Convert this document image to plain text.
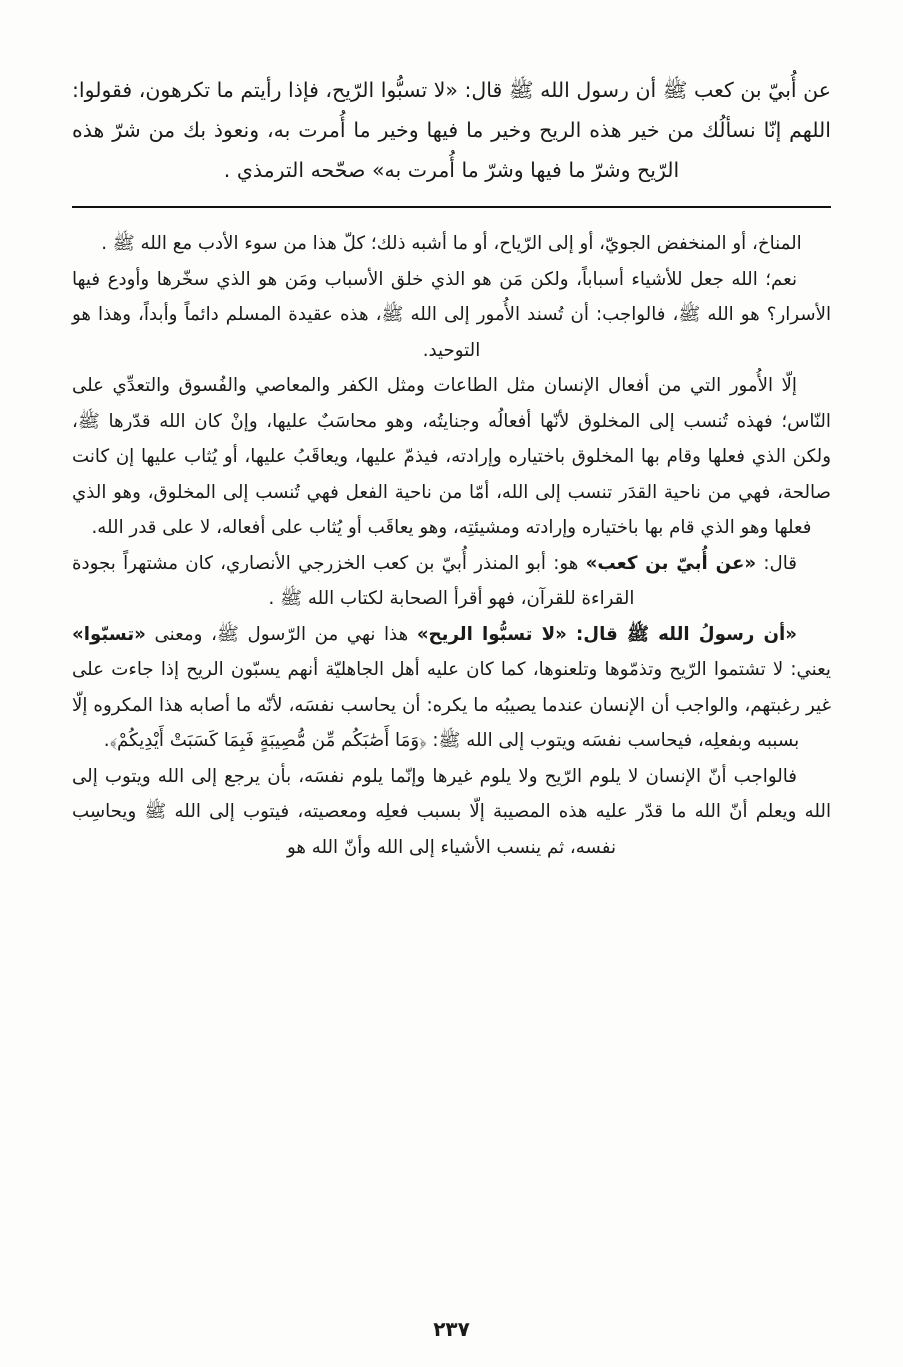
عن أُبيّ بن كعب ﷺ أن رسول الله ﷺ قال: «لا تسبُّوا الرّيح، فإذا رأيتم ما تكرهون، فقولوا: اللهم إنّا نسألُك من خير هذه الريح وخير ما فيها وخير ما أُمرت به، ونعوذ بك من شرّ هذه الرّيح وشرّ ما فيها وشرّ ما أُمرت به» صحّحه الترمذي .

المناخ، أو المنخفض الجويّ، أو إلى الرّياح، أو ما أشبه ذلك؛ كلّ هذا من سوء الأدب مع الله ﷺ .

نعم؛ الله جعل للأشياء أسباباً، ولكن مَن هو الذي خلق الأسباب ومَن هو الذي سخّرها وأودع فيها الأسرار؟ هو الله ﷺ، فالواجب: أن تُسند الأُمور إلى الله ﷺ، هذه عقيدة المسلم دائماً وأبداً، وهذا هو التوحيد.

إلّا الأُمور التي من أفعال الإنسان مثل الطاعات ومثل الكفر والمعاصي والفُسوق والتعدِّي على النّاس؛ فهذه تُنسب إلى المخلوق لأنّها أفعالُه وجنايتُه، وهو محاسَبٌ عليها، وإنْ كان الله قدّرها ﷺ، ولكن الذي فعلها وقام بها المخلوق باختياره وإرادته، فيذمّ عليها، ويعاقَبُ عليها، أو يُثاب عليها إن كانت صالحة، فهي من ناحية القدَر تنسب إلى الله، أمّا من ناحية الفعل فهي تُنسب إلى المخلوق، وهو الذي فعلها وهو الذي قام بها باختياره وإرادته ومشيئتِه، وهو يعاقَب أو يُثاب على أفعاله، لا على قدر الله.

قال: «عن أُبيّ بن كعب» هو: أبو المنذر أُبيّ بن كعب الخزرجي الأنصاري، كان مشتهراً بجودة القراءة للقرآن، فهو أقرأ الصحابة لكتاب الله ﷺ .

«أن رسولُ الله ﷺ قال: «لا تسبُّوا الريح» هذا نهي من الرّسول ﷺ، ومعنى «تسبّوا» يعني: لا تشتموا الرّيح وتذمّوها وتلعنوها، كما كان عليه أهل الجاهليّة أنهم يسبّون الريح إذا جاءت على غير رغبتهم، والواجب أن الإنسان عندما يصيبُه ما يكره: أن يحاسب نفسَه، لأنّه ما أصابه هذا المكروه إلّا بسببه وبفعلِه، فيحاسب نفسَه ويتوب إلى الله ﷺ: ﴿وَمَا أَصَٰبَكُم مِّن مُّصِيبَةٍ فَبِمَا كَسَبَتْ أَيْدِيكُمْ﴾.

فالواجب أنّ الإنسان لا يلوم الرّيح ولا يلوم غيرها وإنّما يلوم نفسَه، بأن يرجع إلى الله ويتوب إلى الله ويعلم أنّ الله ما قدّر عليه هذه المصيبة إلّا بسبب فعلِه ومعصيته، فيتوب إلى الله ﷺ ويحاسِب نفسه، ثم ينسب الأشياء إلى الله وأنّ الله هو

٢٣٧
